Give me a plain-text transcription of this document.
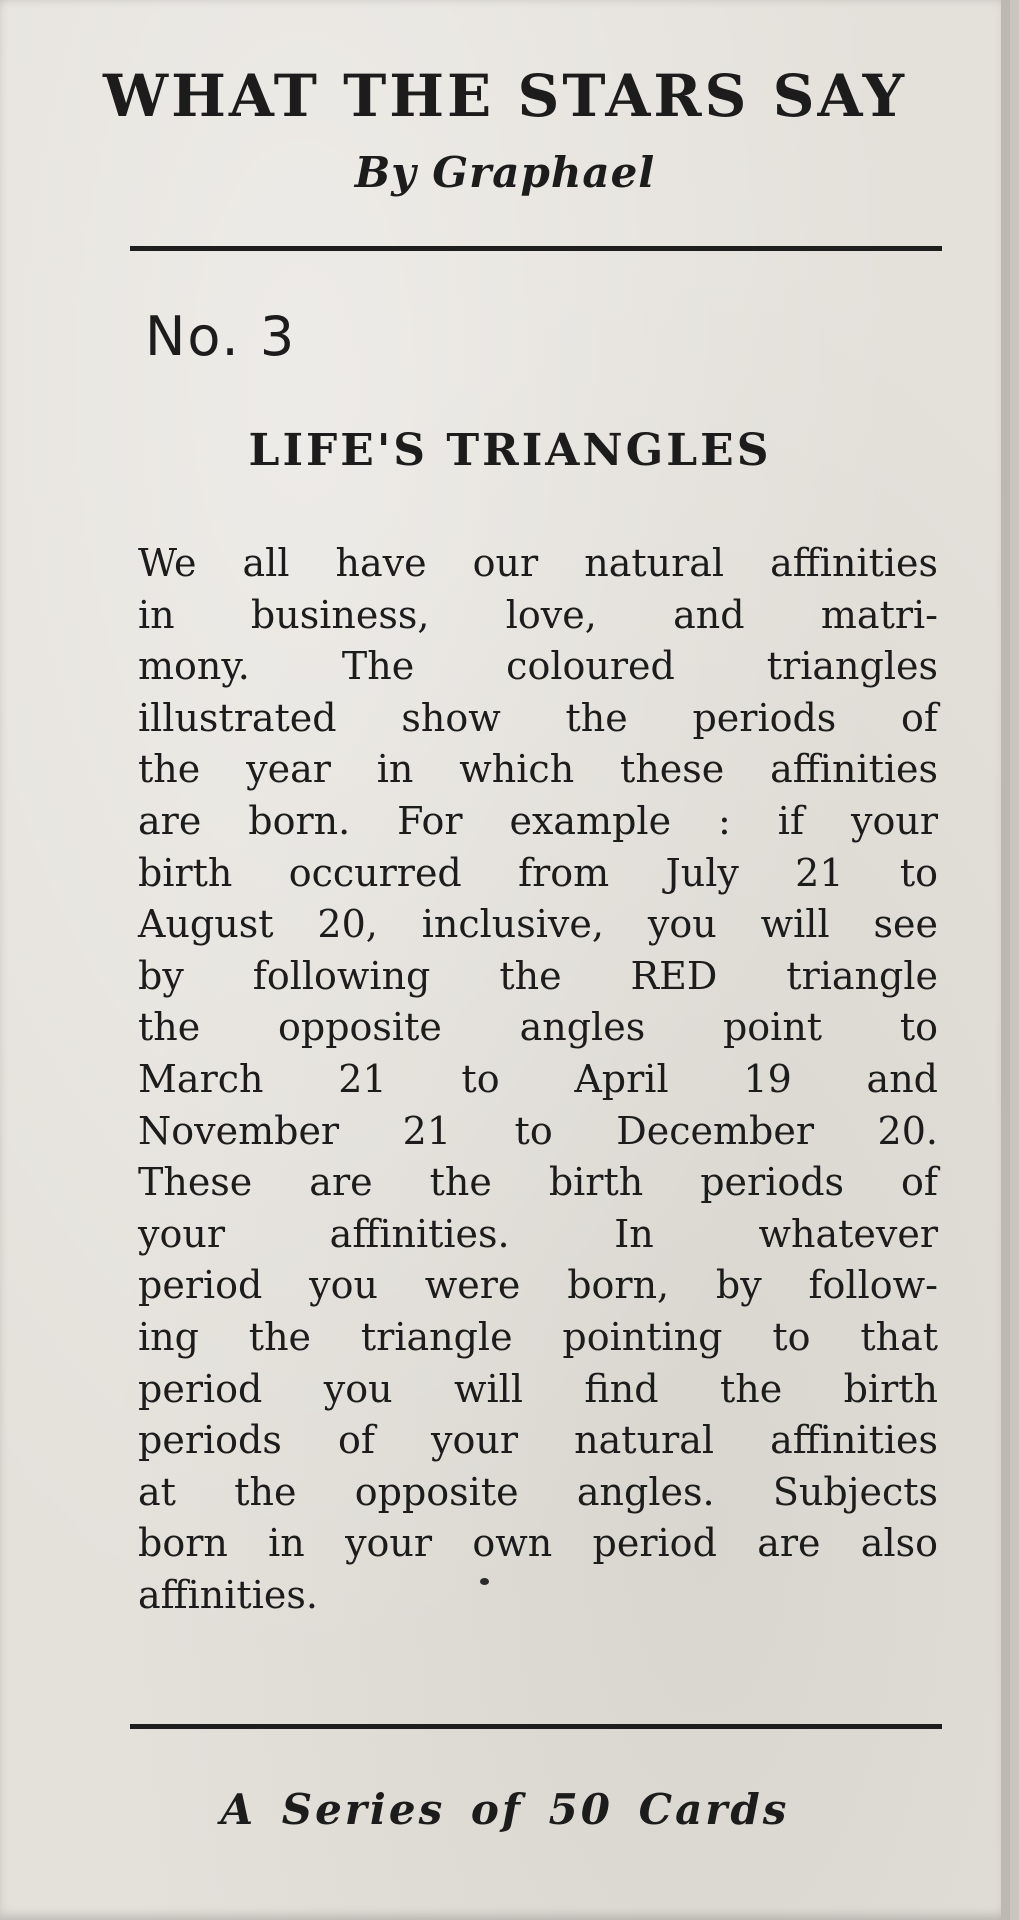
WHAT THE STARS SAY
By Graphael
No. 3
LIFE'S TRIANGLES
We all have our natural affinities
in business, love, and matri-
mony. The coloured triangles
illustrated show the periods of
the year in which these affinities
are born. For example : if your
birth occurred from July 21 to
August 20, inclusive, you will see
by following the RED triangle
the opposite angles point to
March 21 to April 19 and
November 21 to December 20.
These are the birth periods of
your affinities. In whatever
period you were born, by follow-
ing the triangle pointing to that
period you will find the birth
periods of your natural affinities
at the opposite angles. Subjects
born in your own period are also
affinities.
A Series of 50 Cards
